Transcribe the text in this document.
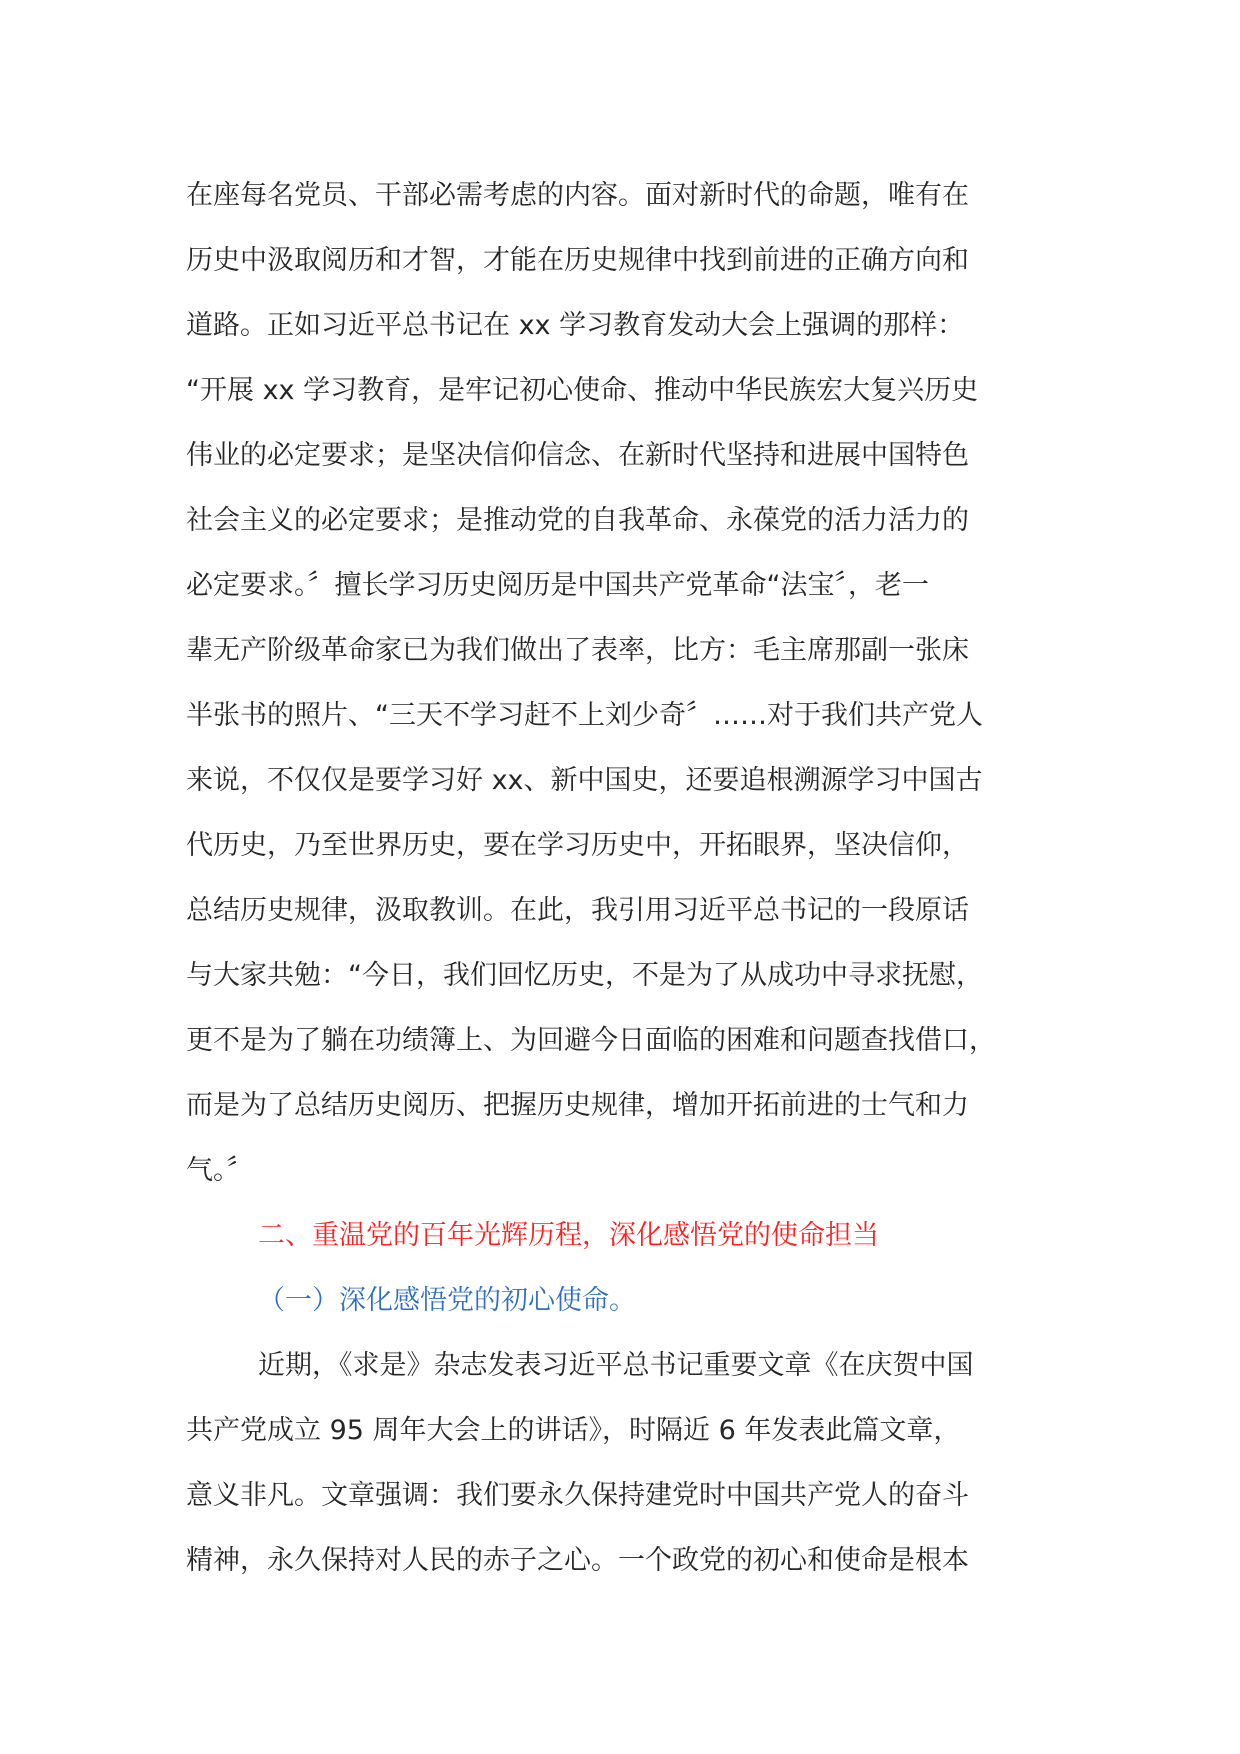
在座每名党员、干部必需考虑的内容。面对新时代的命题，唯有在
历史中汲取阅历和才智，才能在历史规律中找到前进的正确方向和
道路。正如习近平总书记在 xx 学习教育发动大会上强调的那样：
“开展 xx 学习教育，是牢记初心使命、推动中华民族宏大复兴历史
伟业的必定要求；是坚决信仰信念、在新时代坚持和进展中国特色
社会主义的必定要求；是推动党的自我革命、永葆党的活力活力的
必定要求。〞擅长学习历史阅历是中国共产党革命“法宝〞，老一
辈无产阶级革命家已为我们做出了表率，比方：毛主席那副一张床
半张书的照片、“三天不学习赶不上刘少奇〞……对于我们共产党人
来说，不仅仅是要学习好 xx、新中国史，还要追根溯源学习中国古
代历史，乃至世界历史，要在学习历史中，开拓眼界，坚决信仰，
总结历史规律，汲取教训。在此，我引用习近平总书记的一段原话
与大家共勉：“今日，我们回忆历史，不是为了从成功中寻求抚慰，
更不是为了躺在功绩簿上、为回避今日面临的困难和问题查找借口，
而是为了总结历史阅历、把握历史规律，增加开拓前进的士气和力
气。〞
二、重温党的百年光辉历程，深化感悟党的使命担当
（一）深化感悟党的初心使命。
近期，《求是》杂志发表习近平总书记重要文章《在庆贺中国
共产党成立 95 周年大会上的讲话》，时隔近 6 年发表此篇文章，
意义非凡。文章强调：我们要永久保持建党时中国共产党人的奋斗
精神，永久保持对人民的赤子之心。一个政党的初心和使命是根本
